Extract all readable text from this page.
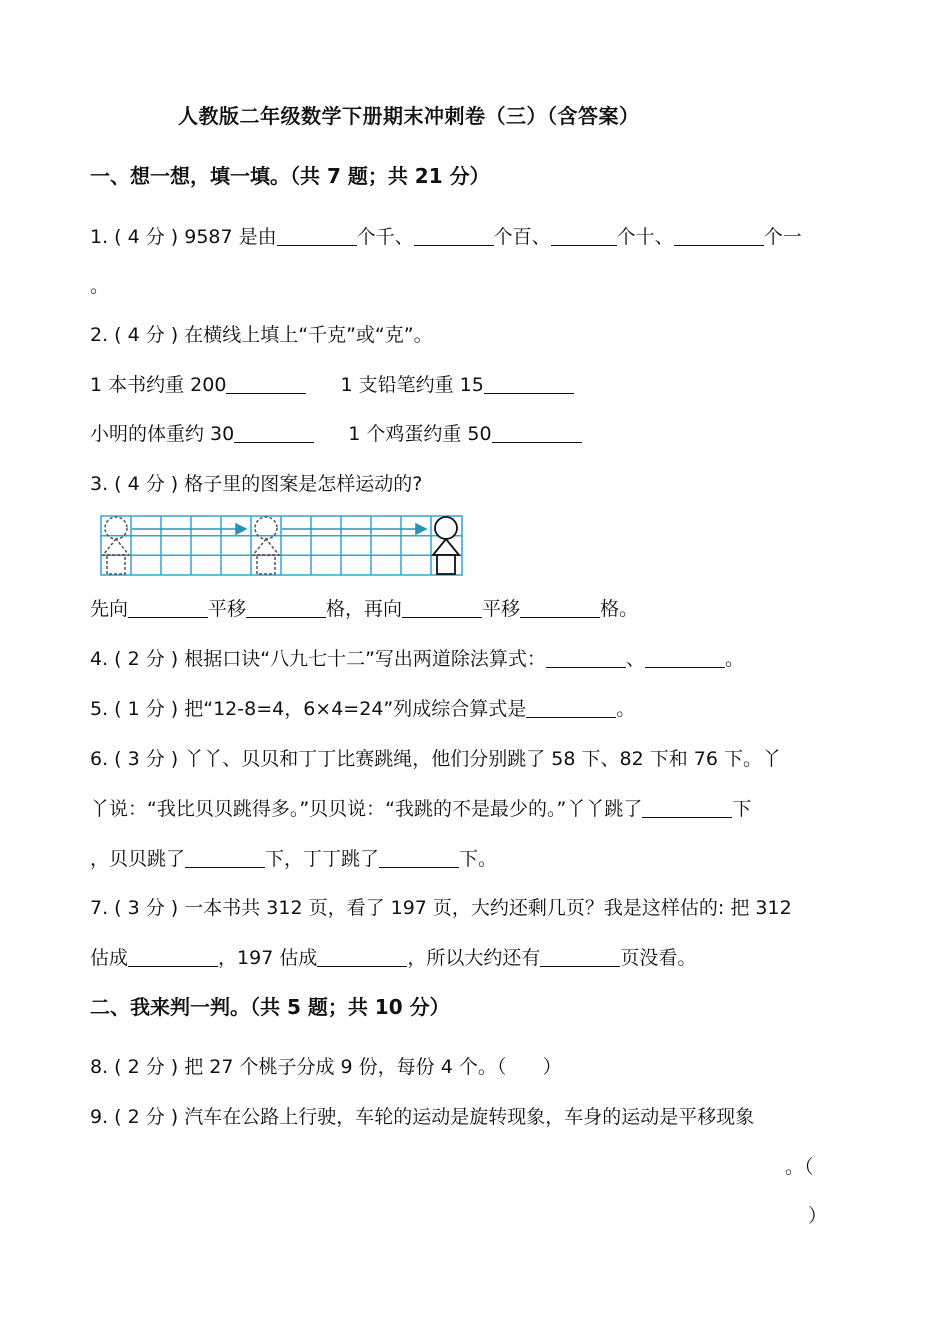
人教版二年级数学下册期末冲刺卷（三）（含答案）
一、想一想，填一填。（共 7 题；共 21 分）
1. ( 4 分 ) 9587 是由	个千、	个百、	个十、	个一
。
2. ( 4 分 ) 在横线上填上“千克”或“克”。
1 本书约重 200	1 支铅笔约重 15
小明的体重约 30	1 个鸡蛋约重 50
3. ( 4 分 ) 格子里的图案是怎样运动的?
先向	平移	格，再向	平移	格。
4. ( 2 分 ) 根据口诀“八九七十二”写出两道除法算式：	、	。
5. ( 1 分 ) 把“12-8=4，6×4=24”列成综合算式是	。
6. ( 3 分 ) 丫丫、贝贝和丁丁比赛跳绳，他们分别跳了 58 下、82 下和 76 下。丫
丫说：“我比贝贝跳得多。”贝贝说：“我跳的不是最少的。”丫丫跳了	下
，贝贝跳了	下，丁丁跳了	下。
7. ( 3 分 ) 一本书共 312 页，看了 197 页，大约还剩几页？我是这样估的: 把 312
估成	，197 估成	，所以大约还有	页没看。
二、我来判一判。（共 5 题；共 10 分）
8. ( 2 分 ) 把 27 个桃子分成 9 份，每份 4 个。（      ）
9. ( 2 分 ) 汽车在公路上行驶，车轮的运动是旋转现象，车身的运动是平移现象
。（
）
